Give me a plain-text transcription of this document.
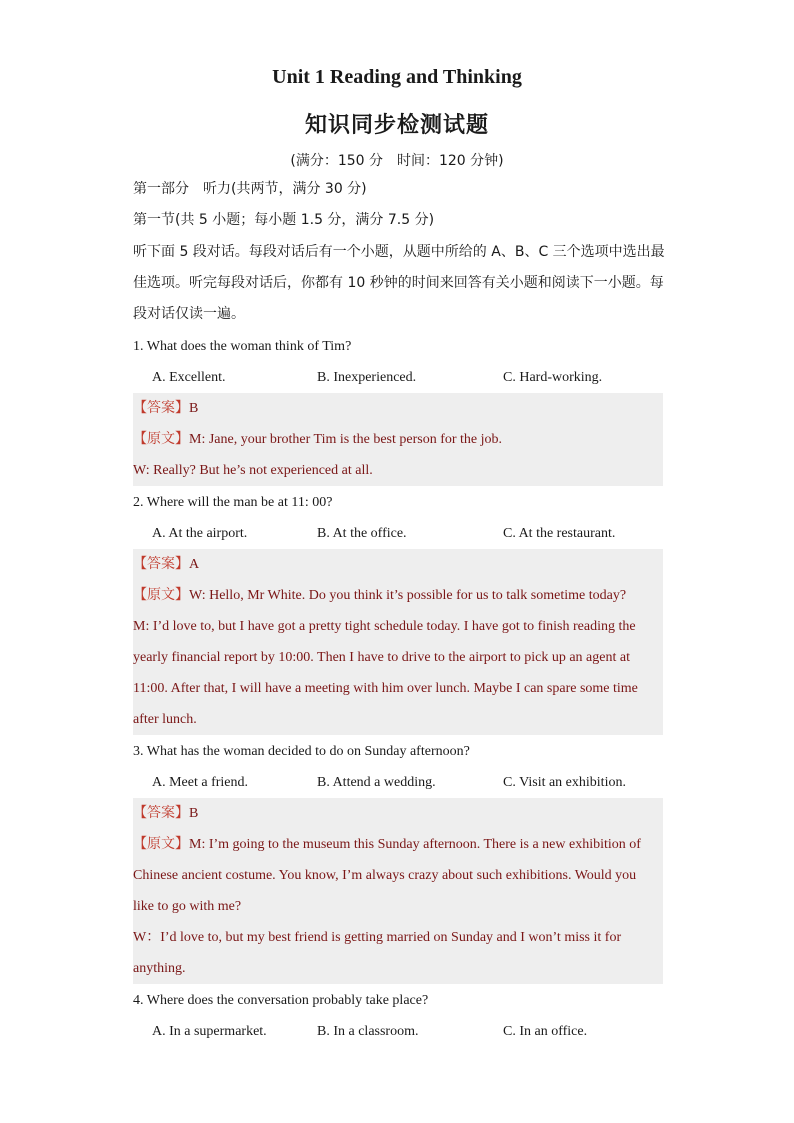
Unit 1 Reading and Thinking
知识同步检测试题
(满分：150 分　时间：120 分钟)
第一部分　听力(共两节，满分 30 分)
第一节(共 5 小题；每小题 1.5 分，满分 7.5 分)
听下面 5 段对话。每段对话后有一个小题，从题中所给的 A、B、C 三个选项中选出最
佳选项。听完每段对话后，你都有 10 秒钟的时间来回答有关小题和阅读下一小题。每
段对话仅读一遍。
1. What does the woman think of Tim?
A. Excellent.	B. Inexperienced.	C. Hard-working.
【答案】B
【原文】M: Jane, your brother Tim is the best person for the job.
W: Really? But he’s not experienced at all.
2. Where will the man be at 11: 00?
A. At the airport.	B. At the office.	C. At the restaurant.
【答案】A
【原文】W: Hello, Mr White. Do you think it’s possible for us to talk sometime today?
M: I’d love to, but I have got a pretty tight schedule today. I have got to finish reading the
yearly financial report by 10:00. Then I have to drive to the airport to pick up an agent at
11:00. After that, I will have a meeting with him over lunch. Maybe I can spare some time
after lunch.
3. What has the woman decided to do on Sunday afternoon?
A. Meet a friend.	B. Attend a wedding.	C. Visit an exhibition.
【答案】B
【原文】M: I’m going to the museum this Sunday afternoon. There is a new exhibition of
Chinese ancient costume. You know, I’m always crazy about such exhibitions. Would you
like to go with me?
W：I’d love to, but my best friend is getting married on Sunday and I won’t miss it for
anything.
4. Where does the conversation probably take place?
A. In a supermarket.	B. In a classroom.	C. In an office.
